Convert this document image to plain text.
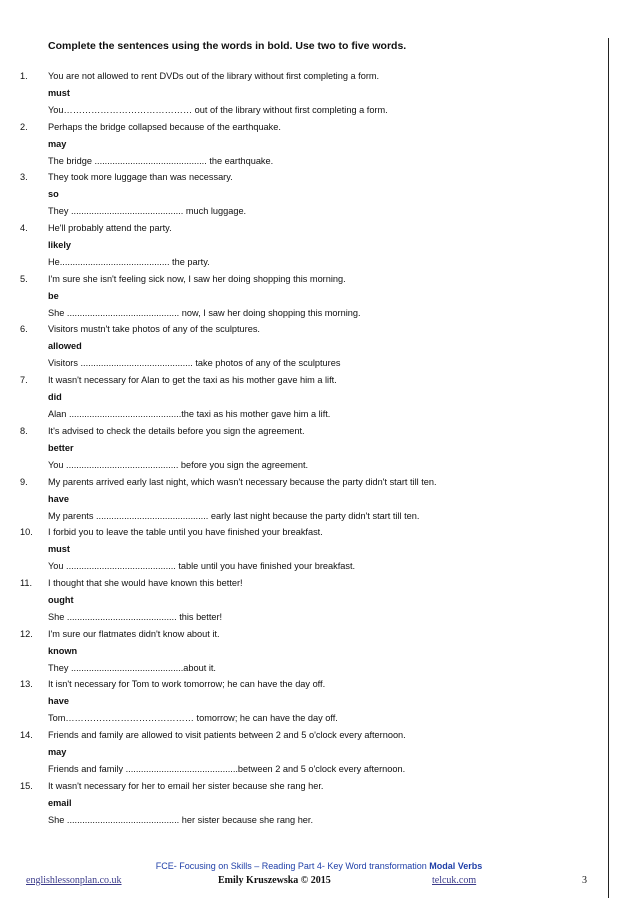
Complete the sentences using the words in bold. Use two to five words.
1. You are not allowed to rent DVDs out of the library without first completing a form.
must
You…………………………………… out of the library without first completing a form.
2. Perhaps the bridge collapsed because of the earthquake.
may
The bridge ............................................ the earthquake.
3. They took more luggage than was necessary.
so
They ............................................ much luggage.
4. He'll probably attend the party.
likely
He........................................... the party.
5. I'm sure she isn't feeling sick now, I saw her doing shopping this morning.
be
She ............................................ now, I saw her doing shopping this morning.
6. Visitors mustn't take photos of any of the sculptures.
allowed
Visitors ............................................ take photos of any of the sculptures
7. It wasn't necessary for Alan to get the taxi as his mother gave him a lift.
did
Alan ............................................the taxi as his mother gave him a lift.
8. It's advised to check the details before you sign the agreement.
better
You ............................................ before you sign the agreement.
9. My parents arrived early last night, which wasn't necessary because the party didn't start till ten.
have
My parents ............................................ early last night because the party didn't start till ten.
10. I forbid you to leave the table until you have finished your breakfast.
must
You ........................................... table until you have finished your breakfast.
11. I thought that she would have known this better!
ought
She ........................................... this better!
12. I'm sure our flatmates didn't know about it.
known
They ............................................about it.
13. It isn't necessary for Tom to work tomorrow; he can have the day off.
have
Tom…………………………………… tomorrow; he can have the day off.
14. Friends and family are allowed to visit patients between 2 and 5 o'clock every afternoon.
may
Friends and family ............................................between 2 and 5 o'clock every afternoon.
15. It wasn't necessary for her to email her sister because she rang her.
email
She ............................................ her sister because she rang her.
FCE- Focusing on Skills – Reading Part 4- Key Word transformation Modal Verbs
englishlessonplan.co.uk	Emily Kruszewska © 2015	telcuk.com	3
